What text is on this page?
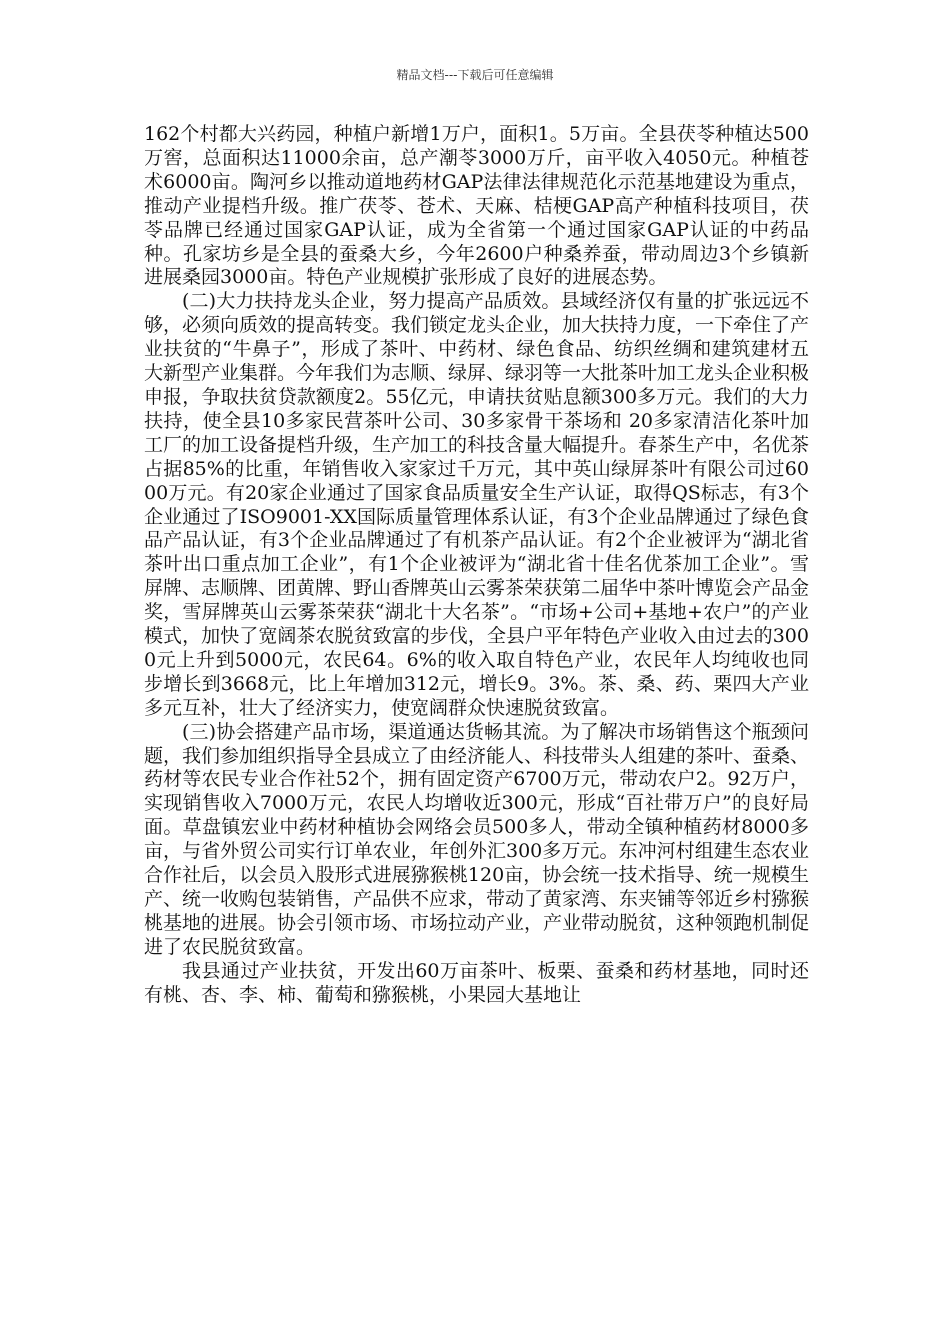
精品文档---下载后可任意编辑

162个村都大兴药园，种植户新增1万户，面积1。5万亩。全县茯苓种植达500万窖，总面积达11000余亩，总产潮苓3000万斤，亩平收入4050元。种植苍术6000亩。陶河乡以推动道地药材GAP法律法律规范化示范基地建设为重点，推动产业提档升级。推广茯苓、苍术、天麻、桔梗GAP高产种植科技项目，茯苓品牌已经通过国家GAP认证，成为全省第一个通过国家GAP认证的中药品种。孔家坊乡是全县的蚕桑大乡，今年2600户种桑养蚕，带动周边3个乡镇新进展桑园3000亩。特色产业规模扩张形成了良好的进展态势。

(二)大力扶持龙头企业，努力提高产品质效。县域经济仅有量的扩张远远不够，必须向质效的提高转变。我们锁定龙头企业，加大扶持力度，一下牵住了产业扶贫的“牛鼻子”，形成了茶叶、中药材、绿色食品、纺织丝绸和建筑建材五大新型产业集群。今年我们为志顺、绿屏、绿羽等一大批茶叶加工龙头企业积极申报，争取扶贫贷款额度2。55亿元，申请扶贫贴息额300多万元。我们的大力扶持，使全县10多家民营茶叶公司、30多家骨干茶场和 20多家清洁化茶叶加工厂的加工设备提档升级，生产加工的科技含量大幅提升。春茶生产中，名优茶占据85%的比重，年销售收入家家过千万元，其中英山绿屏茶叶有限公司过6000万元。有20家企业通过了国家食品质量安全生产认证，取得QS标志，有3个企业通过了ISO9001-XX国际质量管理体系认证，有3个企业品牌通过了绿色食品产品认证，有3个企业品牌通过了有机茶产品认证。有2个企业被评为“湖北省茶叶出口重点加工企业”，有1个企业被评为“湖北省十佳名优茶加工企业”。雪屏牌、志顺牌、团黄牌、野山香牌英山云雾茶荣获第二届华中茶叶博览会产品金奖，雪屏牌英山云雾茶荣获“湖北十大名茶”。“市场+公司+基地+农户”的产业模式，加快了宽阔茶农脱贫致富的步伐，全县户平年特色产业收入由过去的3000元上升到5000元，农民64。6%的收入取自特色产业，农民年人均纯收也同步增长到3668元，比上年增加312元，增长9。3%。茶、桑、药、栗四大产业多元互补，壮大了经济实力，使宽阔群众快速脱贫致富。

(三)协会搭建产品市场，渠道通达货畅其流。为了解决市场销售这个瓶颈问题，我们参加组织指导全县成立了由经济能人、科技带头人组建的茶叶、蚕桑、药材等农民专业合作社52个，拥有固定资产6700万元，带动农户2。92万户，实现销售收入7000万元，农民人均增收近300元，形成“百社带万户”的良好局面。草盘镇宏业中药材种植协会网络会员500多人，带动全镇种植药材8000多亩，与省外贸公司实行订单农业，年创外汇300多万元。东冲河村组建生态农业合作社后，以会员入股形式进展猕猴桃120亩，协会统一技术指导、统一规模生产、统一收购包装销售，产品供不应求，带动了黄家湾、东夹铺等邻近乡村猕猴桃基地的进展。协会引领市场、市场拉动产业，产业带动脱贫，这种领跑机制促进了农民脱贫致富。

我县通过产业扶贫，开发出60万亩茶叶、板栗、蚕桑和药材基地，同时还有桃、杏、李、柿、葡萄和猕猴桃，小果园大基地让
